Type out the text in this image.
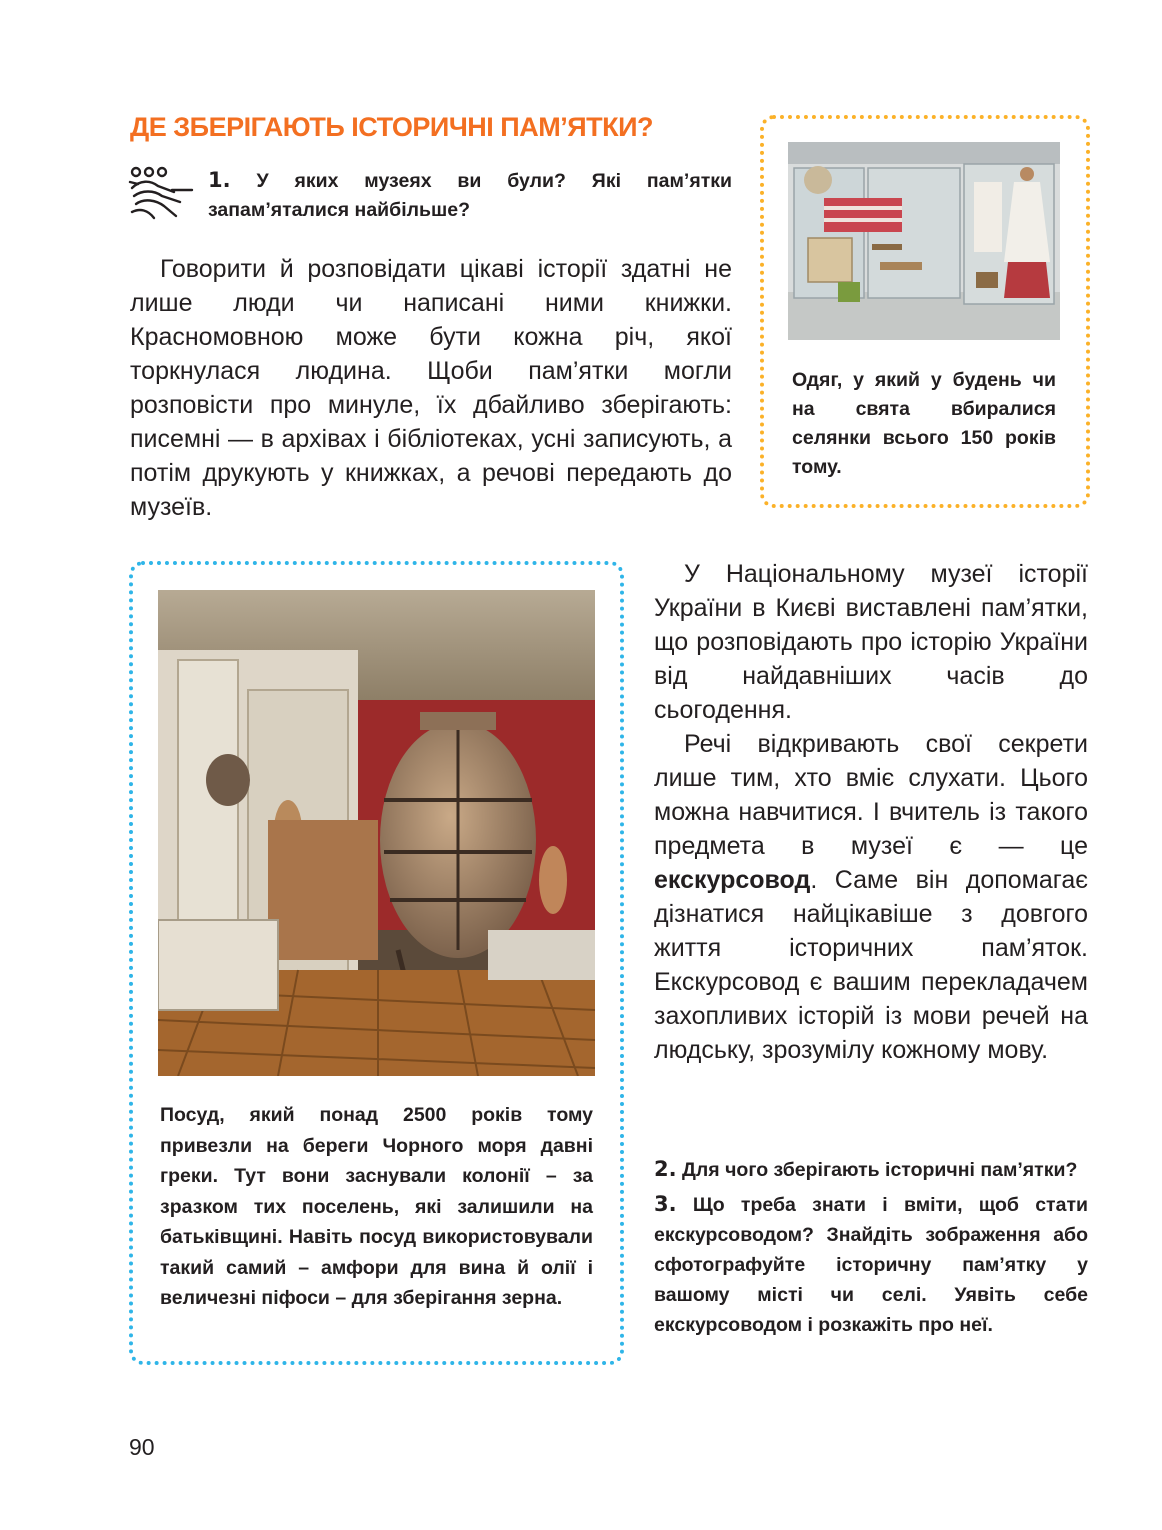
ДЕ ЗБЕРІГАЮТЬ ІСТОРИЧНІ ПАМ’ЯТКИ?

1. У яких музеях ви були? Які пам’ятки запам’яталися найбільше?

Говорити й розповідати цікаві історії здатні не лише люди чи написані ними книжки. Красномовною може бути кожна річ, якої торкнулася людина. Щоби пам’ятки могли розповісти про минуле, їх дбайливо зберігають: писемні — в архівах і бібліотеках, усні записують, а потім друкують у книжках, а речові передають до музеїв.

Одяг, у який у будень чи на свята вбиралися селянки всього 150 років тому.

Посуд, який понад 2500 років тому привезли на береги Чорного моря давні греки. Тут вони заснували колонії – за зразком тих поселень, які залишили на батьківщині. Навіть посуд використовували такий самий – амфори для вина й олії і величезні піфоси – для зберігання зерна.

У Національному музеї історії України в Києві виставлені пам’ятки, що розповідають про історію України від найдавніших часів до сьогодення.

Речі відкривають свої секрети лише тим, хто вміє слухати. Цього можна навчитися. І вчитель із такого предмета в музеї є — це екскурсовод. Саме він допомагає дізнатися найцікавіше з довгого життя історичних пам’яток. Екскурсовод є вашим перекладачем захопливих історій із мови речей на людську, зрозумілу кожному мову.

2. Для чого зберігають історичні пам’ятки?

3. Що треба знати і вміти, щоб стати екскурсоводом? Знайдіть зображення або сфотографуйте історичну пам’ятку у вашому місті чи селі. Уявіть себе екскурсоводом і розкажіть про неї.

90
